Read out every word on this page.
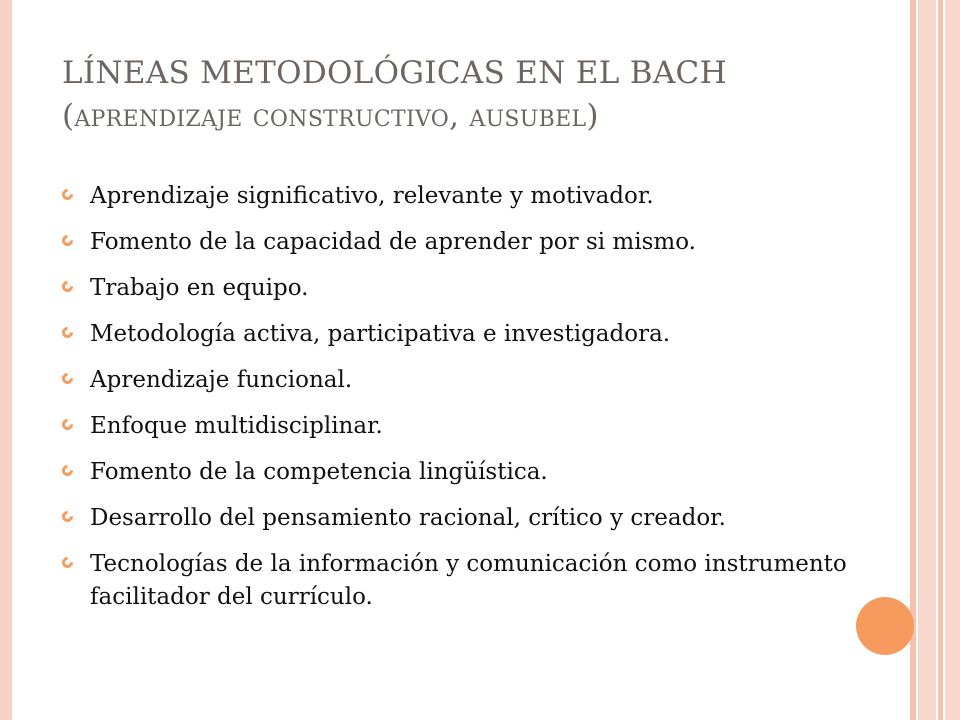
LÍNEAS METODOLÓGICAS EN EL BACH
(aprendizaje constructivo, ausubel)
Aprendizaje significativo, relevante y motivador.
Fomento de la capacidad de aprender por si mismo.
Trabajo en equipo.
Metodología activa, participativa e investigadora.
Aprendizaje funcional.
Enfoque multidisciplinar.
Fomento de la competencia lingüística.
Desarrollo del pensamiento racional, crítico y creador.
Tecnologías de la información y comunicación como instrumento facilitador del currículo.
